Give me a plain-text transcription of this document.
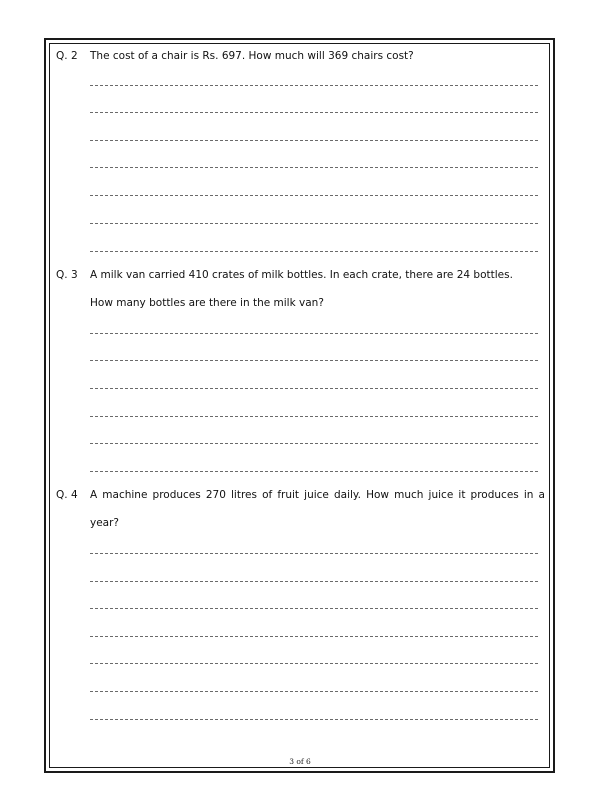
Q. 2 The cost of a chair is Rs. 697. How much will 369 chairs cost?
Q. 3 A milk van carried 410 crates of milk bottles. In each crate, there are 24 bottles.
How many bottles are there in the milk van?
Q. 4 A machine produces 270 litres of fruit juice daily. How much juice it produces in a
year?
3 of 6
